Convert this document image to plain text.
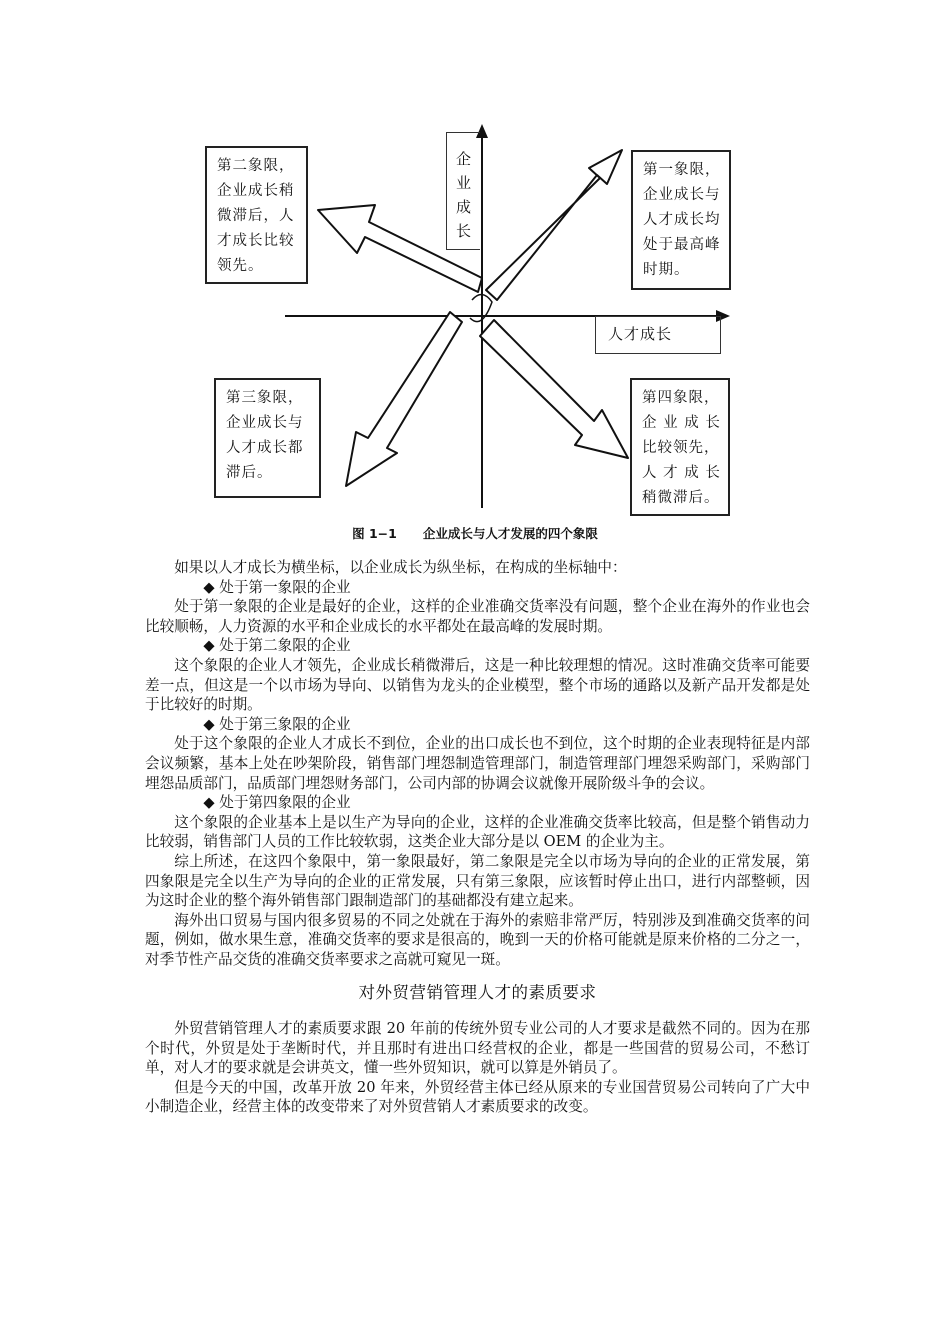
企
业
成
长
人才成长
第二象限，
企业成长稍
微滞后，人
才成长比较
领先。
第一象限，
企业成长与
人才成长均
处于最高峰
时期。
第三象限，
企业成长与
人才成长都
滞后。
第四象限，
企 业 成 长
比较领先，
人 才 成 长
稍微滞后。
图 1−1 企业成长与人才发展的四个象限

如果以人才成长为横坐标，以企业成长为纵坐标，在构成的坐标轴中：

◆ 处于第一象限的企业

处于第一象限的企业是最好的企业，这样的企业准确交货率没有问题，整个企业在海外的作业也会比较顺畅，人力资源的水平和企业成长的水平都处在最高峰的发展时期。

◆ 处于第二象限的企业

这个象限的企业人才领先，企业成长稍微滞后，这是一种比较理想的情况。这时准确交货率可能要差一点，但这是一个以市场为导向、以销售为龙头的企业模型，整个市场的通路以及新产品开发都是处于比较好的时期。

◆ 处于第三象限的企业

处于这个象限的企业人才成长不到位，企业的出口成长也不到位，这个时期的企业表现特征是内部会议频繁，基本上处在吵架阶段，销售部门埋怨制造管理部门，制造管理部门埋怨采购部门，采购部门埋怨品质部门，品质部门埋怨财务部门，公司内部的协调会议就像开展阶级斗争的会议。

◆ 处于第四象限的企业

这个象限的企业基本上是以生产为导向的企业，这样的企业准确交货率比较高，但是整个销售动力比较弱，销售部门人员的工作比较软弱，这类企业大部分是以 OEM 的企业为主。

综上所述，在这四个象限中，第一象限最好，第二象限是完全以市场为导向的企业的正常发展，第四象限是完全以生产为导向的企业的正常发展，只有第三象限，应该暂时停止出口，进行内部整顿，因为这时企业的整个海外销售部门跟制造部门的基础都没有建立起来。

海外出口贸易与国内很多贸易的不同之处就在于海外的索赔非常严厉，特别涉及到准确交货率的问题，例如，做水果生意，准确交货率的要求是很高的，晚到一天的价格可能就是原来价格的二分之一，对季节性产品交货的准确交货率要求之高就可窥见一斑。

对外贸营销管理人才的素质要求

外贸营销管理人才的素质要求跟 20 年前的传统外贸专业公司的人才要求是截然不同的。因为在那个时代，外贸是处于垄断时代，并且那时有进出口经营权的企业，都是一些国营的贸易公司，不愁订单，对人才的要求就是会讲英文，懂一些外贸知识，就可以算是外销员了。

但是今天的中国，改革开放 20 年来，外贸经营主体已经从原来的专业国营贸易公司转向了广大中小制造企业，经营主体的改变带来了对外贸营销人才素质要求的改变。
